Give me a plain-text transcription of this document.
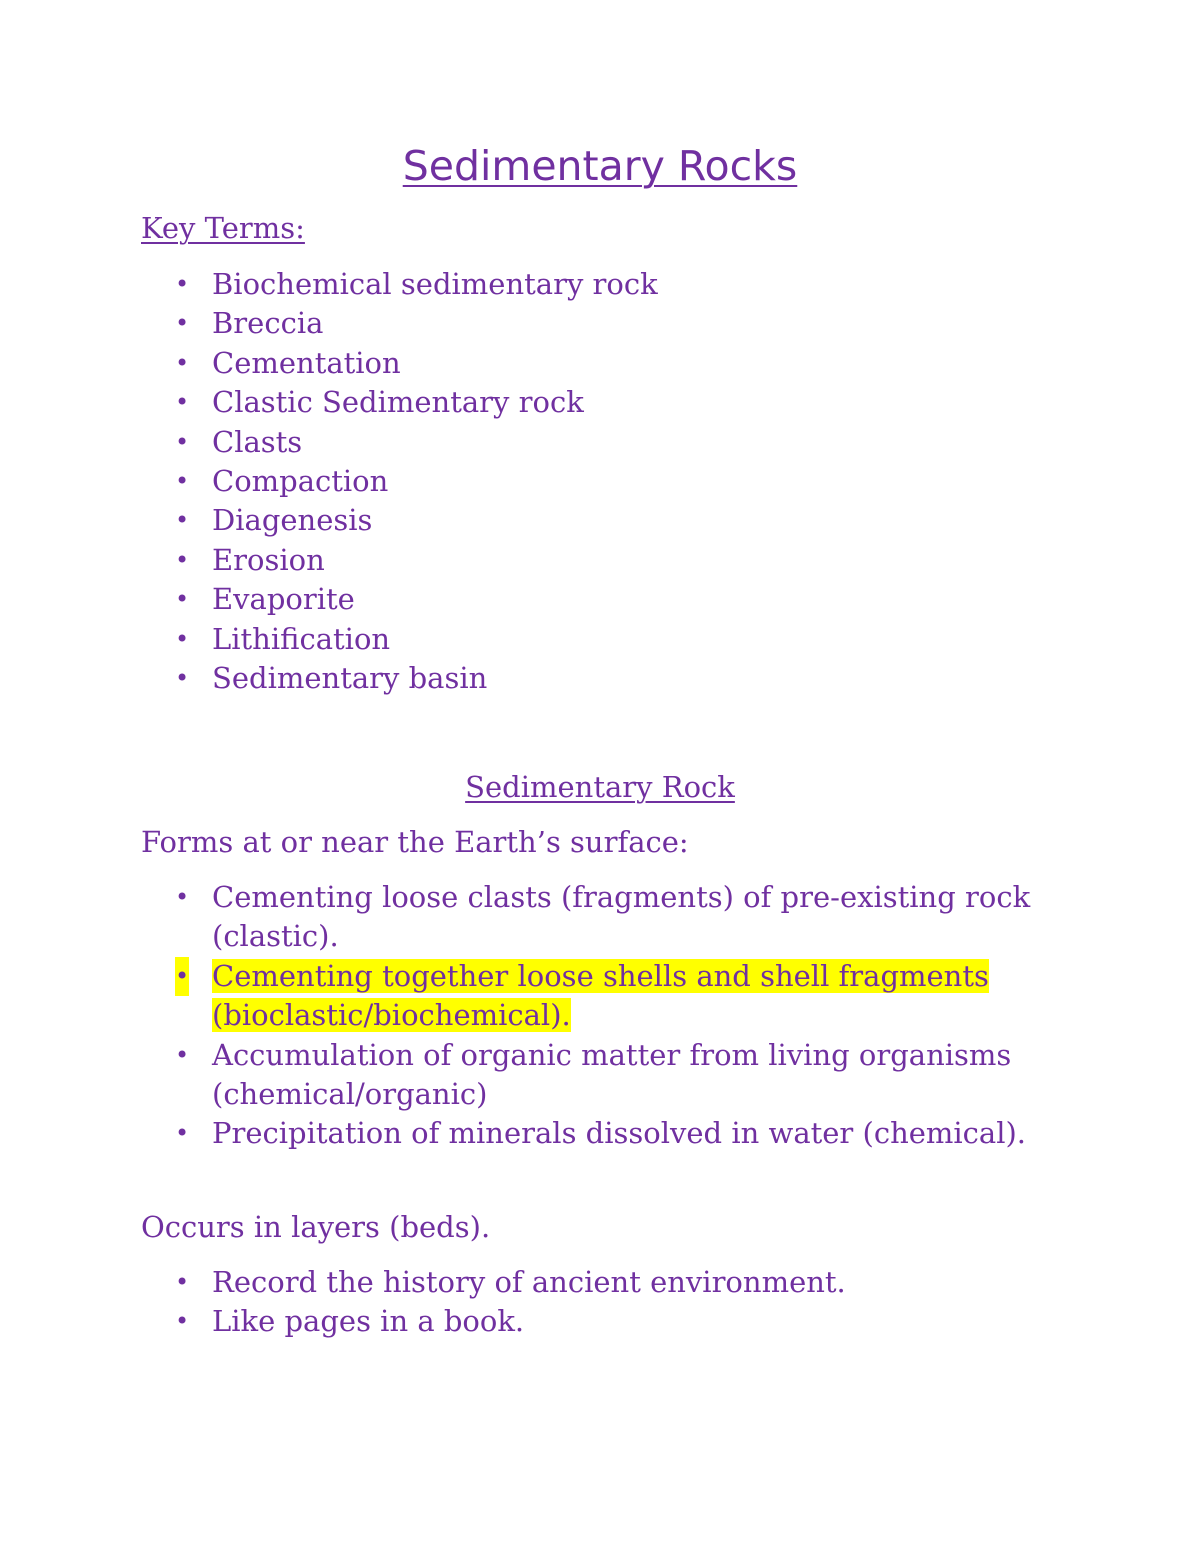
Sedimentary Rocks

Key Terms:

• Biochemical sedimentary rock
• Breccia
• Cementation
• Clastic Sedimentary rock
• Clasts
• Compaction
• Diagenesis
• Erosion
• Evaporite
• Lithification
• Sedimentary basin
Sedimentary Rock

Forms at or near the Earth’s surface:

• Cementing loose clasts (fragments) of pre-existing rock (clastic).
• Cementing together loose shells and shell fragments (bioclastic/biochemical).
• Accumulation of organic matter from living organisms (chemical/organic)
• Precipitation of minerals dissolved in water (chemical).

Occurs in layers (beds).

• Record the history of ancient environment.
• Like pages in a book.
